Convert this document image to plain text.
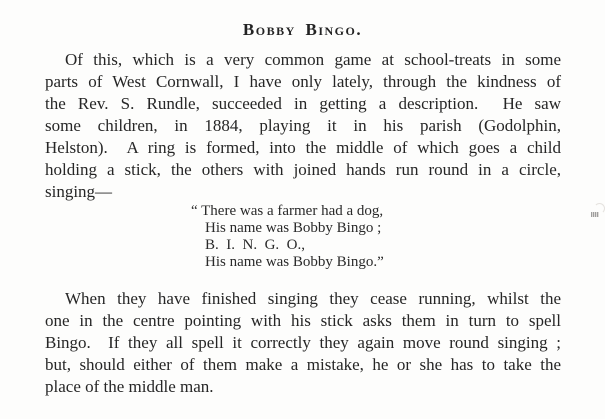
Bobby Bingo.
Of this, which is a very common game at school-treats in some
parts of West Cornwall, I have only lately, through the kindness of
the Rev. S. Rundle, succeeded in getting a description.  He saw
some children, in 1884, playing it in his parish (Godolphin,
Helston).  A ring is formed, into the middle of which goes a child
holding a stick, the others with joined hands run round in a circle,
singing—
“ There was a farmer had a dog,
His name was Bobby Bingo ;
B.  I.  N.  G.  O.,
His name was Bobby Bingo.”
When they have finished singing they cease running, whilst the
one in the centre pointing with his stick asks them in turn to spell
Bingo.  If they all spell it correctly they again move round singing ;
but, should either of them make a mistake, he or she has to take the
place of the middle man.
